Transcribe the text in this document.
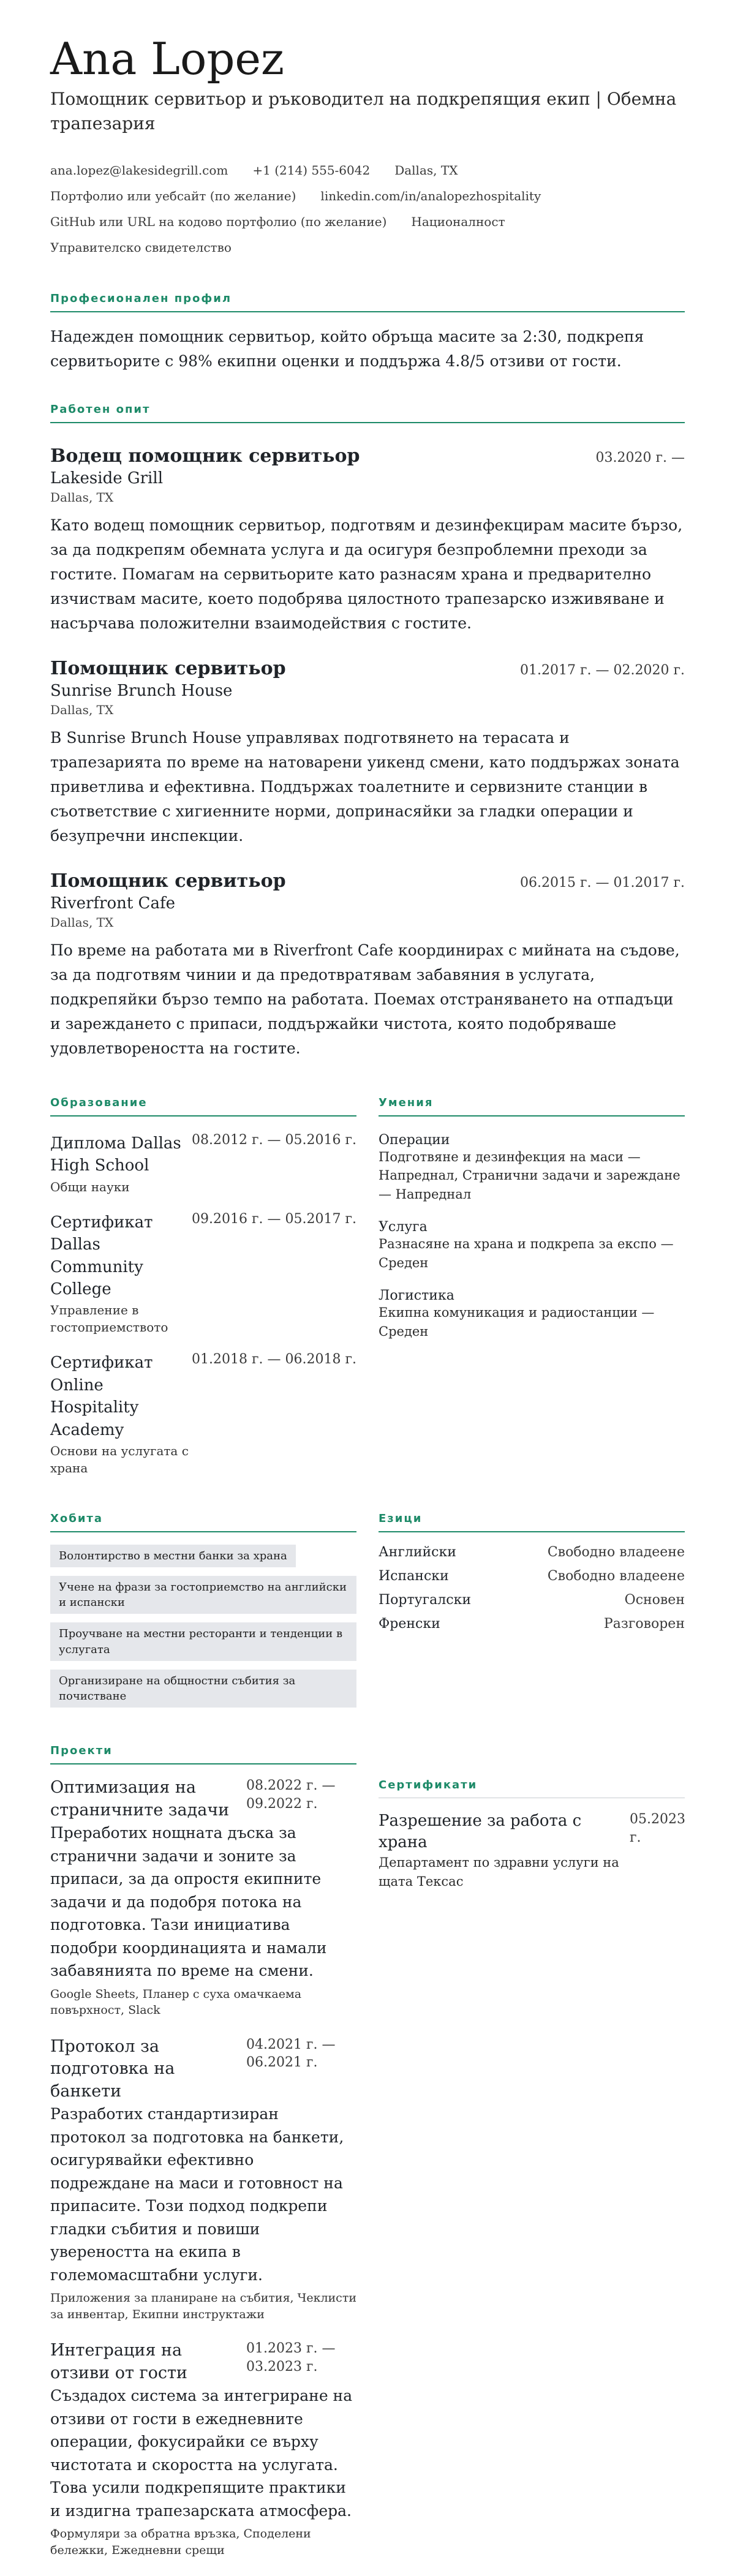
Ana Lopez

Помощник сервитьор и ръководител на подкрепящия екип | Обемна трапезария

ana.lopez@lakesidegrill.com +1 (214) 555-6042 Dallas, TX
Портфолио или уебсайт (по желание) linkedin.com/in/analopezhospitality
GitHub или URL на кодово портфолио (по желание) Националност
Управителско свидетелство
Професионален профил

Надежден помощник сервитьор, който обръща масите за 2:30, подкрепя сервитьорите с 98% екипни оценки и поддържа 4.8/5 отзиви от гости.

Работен опит
Водещ помощник сервитьор	03.2020 г. —
Lakeside Grill
Dallas, TX

Като водещ помощник сервитьор, подготвям и дезинфекцирам масите бързо, за да подкрепям обемната услуга и да осигуря безпроблемни преходи за гостите. Помагам на сервитьорите като разнасям храна и предварително изчиствам масите, което подобрява цялостното трапезарско изживяване и насърчава положителни взаимодействия с гостите.

Помощник сервитьор	01.2017 г. — 02.2020 г.
Sunrise Brunch House
Dallas, TX

В Sunrise Brunch House управлявах подготвянето на терасата и трапезарията по време на натоварени уикенд смени, като поддържах зоната приветлива и ефективна. Поддържах тоалетните и сервизните станции в съответствие с хигиенните норми, допринасяйки за гладки операции и безупречни инспекции.

Помощник сервитьор	06.2015 г. — 01.2017 г.
Riverfront Cafe
Dallas, TX

По време на работата ми в Riverfront Cafe координирах с мийната на съдове, за да подготвям чинии и да предотвратявам забавяния в услугата, подкрепяйки бързо темпо на работата. Поемах отстраняването на отпадъци и зареждането с припаси, поддържайки чистота, която подобряваше удовлетвореността на гостите.

Образование
Диплома Dallas High School
Общи науки
08.2012 г. — 05.2016 г.
Сертификат Dallas Community College
Управление в гостоприемството
09.2016 г. — 05.2017 г.
Сертификат Online Hospitality Academy
Основи на услугата с храна
01.2018 г. — 06.2018 г.
Умения
Операции
Подготвяне и дезинфекция на маси — Напреднал, Странични задачи и зареждане — Напреднал
Услуга
Разнасяне на храна и подкрепа за експо — Среден
Логистика
Екипна комуникация и радиостанции — Среден
Хобита
Волонтирство в местни банки за храна
Учене на фрази за гостоприемство на английски и испански
Проучване на местни ресторанти и тенденции в услугата
Организиране на общностни събития за почистване
Езици
Английски	Свободно владеене
Испански	Свободно владеене
Португалски	Основен
Френски	Разговорен
Проекти
Оптимизация на страничните задачи
08.2022 г. — 09.2022 г.

Преработих нощната дъска за странични задачи и зоните за припаси, за да опростя екипните задачи и да подобря потока на подготовка. Тази инициатива подобри координацията и намали забавянията по време на смени.

Google Sheets, Планер с суха омачкаема повърхност, Slack
Протокол за подготовка на банкети
04.2021 г. — 06.2021 г.

Разработих стандартизиран протокол за подготовка на банкети, осигурявайки ефективно подреждане на маси и готовност на припасите. Този подход подкрепи гладки събития и повиши увереността на екипа в големомасштабни услуги.

Приложения за планиране на събития, Чеклисти за инвентар, Екипни инструктажи
Интеграция на отзиви от гости
01.2023 г. — 03.2023 г.

Създадох система за интегриране на отзиви от гости в ежедневните операции, фокусирайки се върху чистотата и скоростта на услугата. Това усили подкрепящите практики и издигна трапезарската атмосфера.

Формуляри за обратна връзка, Споделени бележки, Ежедневни срещи
Сертификати
Разрешение за работа с храна
Департамент по здравни услуги на щата Тексас
05.2023 г.
